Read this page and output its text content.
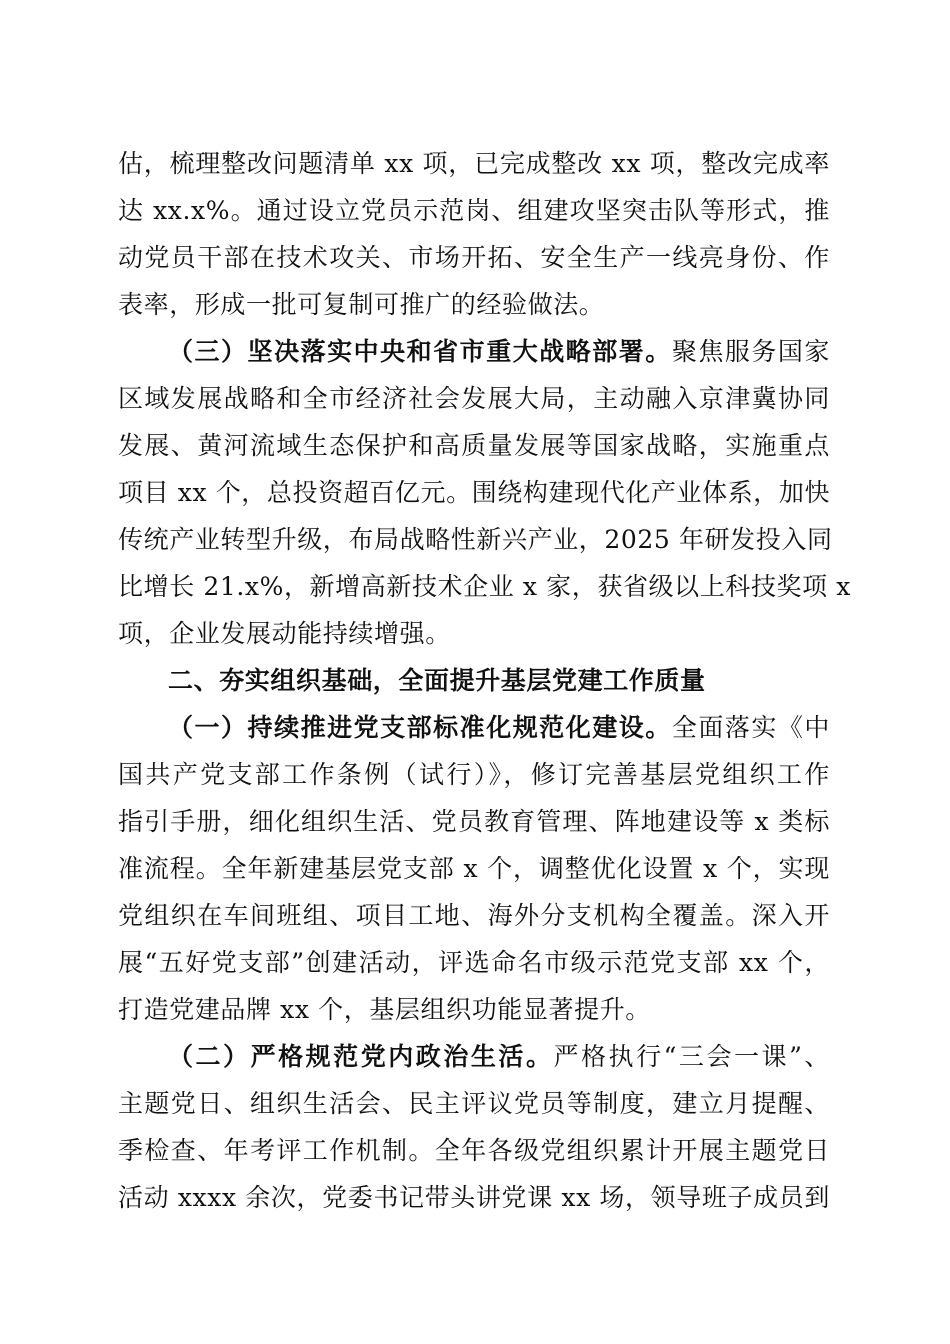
估，梳理整改问题清单 xx 项，已完成整改 xx 项，整改完成率
达 xx.x%。通过设立党员示范岗、组建攻坚突击队等形式，推
动党员干部在技术攻关、市场开拓、安全生产一线亮身份、作
表率，形成一批可复制可推广的经验做法。
（三）坚决落实中央和省市重大战略部署。聚焦服务国家
区域发展战略和全市经济社会发展大局，主动融入京津冀协同
发展、黄河流域生态保护和高质量发展等国家战略，实施重点
项目 xx 个，总投资超百亿元。围绕构建现代化产业体系，加快
传统产业转型升级，布局战略性新兴产业，2025 年研发投入同
比增长 21.x%，新增高新技术企业 x 家，获省级以上科技奖项 x
项，企业发展动能持续增强。
二、夯实组织基础，全面提升基层党建工作质量
（一）持续推进党支部标准化规范化建设。全面落实《中
国共产党支部工作条例（试行）》，修订完善基层党组织工作
指引手册，细化组织生活、党员教育管理、阵地建设等 x 类标
准流程。全年新建基层党支部 x 个，调整优化设置 x 个，实现
党组织在车间班组、项目工地、海外分支机构全覆盖。深入开
展“五好党支部”创建活动，评选命名市级示范党支部 xx 个，
打造党建品牌 xx 个，基层组织功能显著提升。
（二）严格规范党内政治生活。严格执行“三会一课”、
主题党日、组织生活会、民主评议党员等制度，建立月提醒、
季检查、年考评工作机制。全年各级党组织累计开展主题党日
活动 xxxx 余次，党委书记带头讲党课 xx 场，领导班子成员到
